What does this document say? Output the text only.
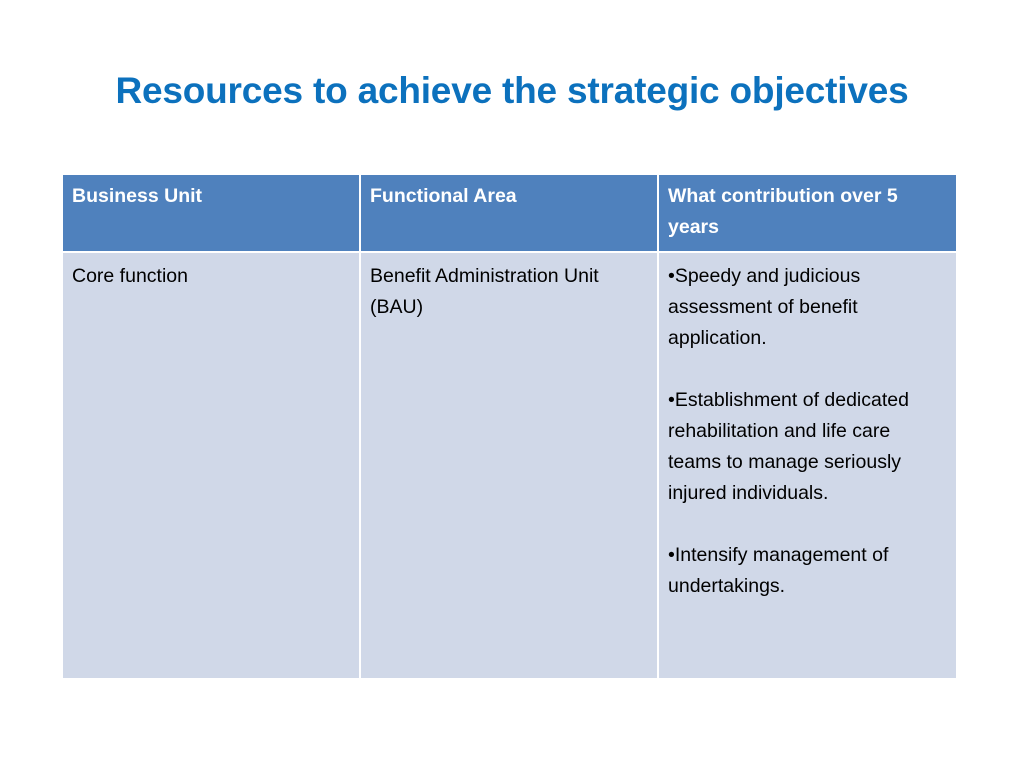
Resources to achieve the strategic objectives
Business Unit	Functional Area	What contribution over 5 years
Core function	Benefit Administration Unit (BAU)	•Speedy and judicious assessment of benefit application.
•Establishment of dedicated rehabilitation and life care teams to manage seriously injured individuals.
•Intensify management of undertakings.
